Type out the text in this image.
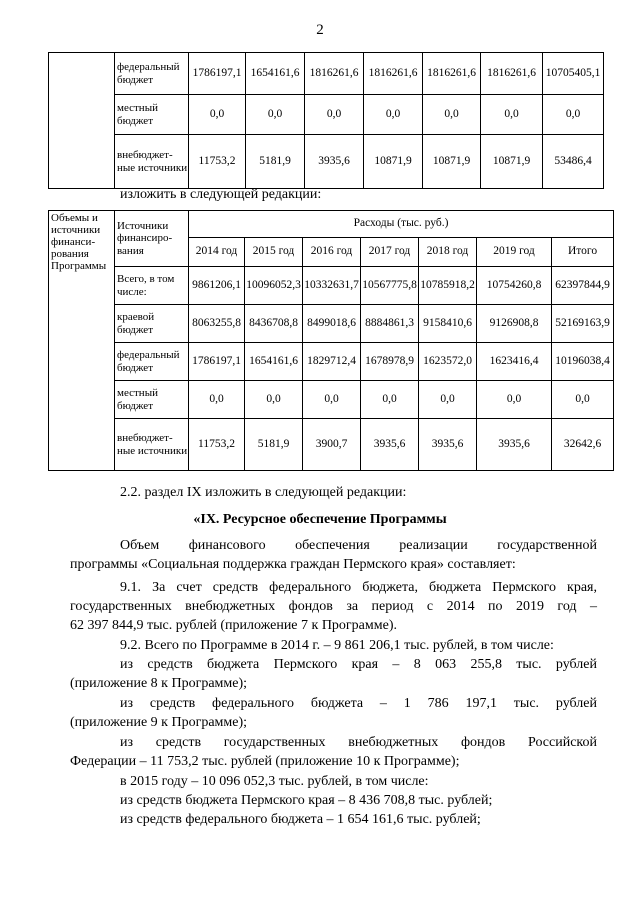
2
	федеральный бюджет	1786197,1	1654161,6	1816261,6	1816261,6	1816261,6	1816261,6	10705405,1
	местный бюджет	0,0	0,0	0,0	0,0	0,0	0,0	0,0
	внебюджет-ные источники	11753,2	5181,9	3935,6	10871,9	10871,9	10871,9	53486,4
изложить в следующей редакции:
Объемы и источники финанси-рования Программы	Источники финансиро-вания	Расходы (тыс. руб.)						
		2014 год	2015 год	2016 год	2017 год	2018 год	2019 год	Итого
	Всего, в том числе:	9861206,1	10096052,3	10332631,7	10567775,8	10785918,2	10754260,8	62397844,9
	краевой бюджет	8063255,8	8436708,8	8499018,6	8884861,3	9158410,6	9126908,8	52169163,9
	федеральный бюджет	1786197,1	1654161,6	1829712,4	1678978,9	1623572,0	1623416,4	10196038,4
	местный бюджет	0,0	0,0	0,0	0,0	0,0	0,0	0,0
	внебюджет-ные источники	11753,2	5181,9	3900,7	3935,6	3935,6	3935,6	32642,6
2.2. раздел IX изложить в следующей редакции:
«IX. Ресурсное обеспечение Программы
Объем финансового обеспечения реализации государственной
программы «Социальная поддержка граждан Пермского края» составляет:
9.1. За счет средств федерального бюджета, бюджета Пермского края,
государственных внебюджетных фондов за период с 2014 по 2019 год –
62 397 844,9 тыс. рублей (приложение 7 к Программе).
9.2. Всего по Программе в 2014 г. – 9 861 206,1 тыс. рублей, в том числе:
из средств бюджета Пермского края – 8 063 255,8 тыс. рублей
(приложение 8 к Программе);
из средств федерального бюджета – 1 786 197,1 тыс. рублей
(приложение 9 к Программе);
из средств государственных внебюджетных фондов Российской
Федерации – 11 753,2 тыс. рублей (приложение 10 к Программе);
в 2015 году – 10 096 052,3 тыс. рублей, в том числе:
из средств бюджета Пермского края – 8 436 708,8 тыс. рублей;
из средств федерального бюджета – 1 654 161,6 тыс. рублей;
